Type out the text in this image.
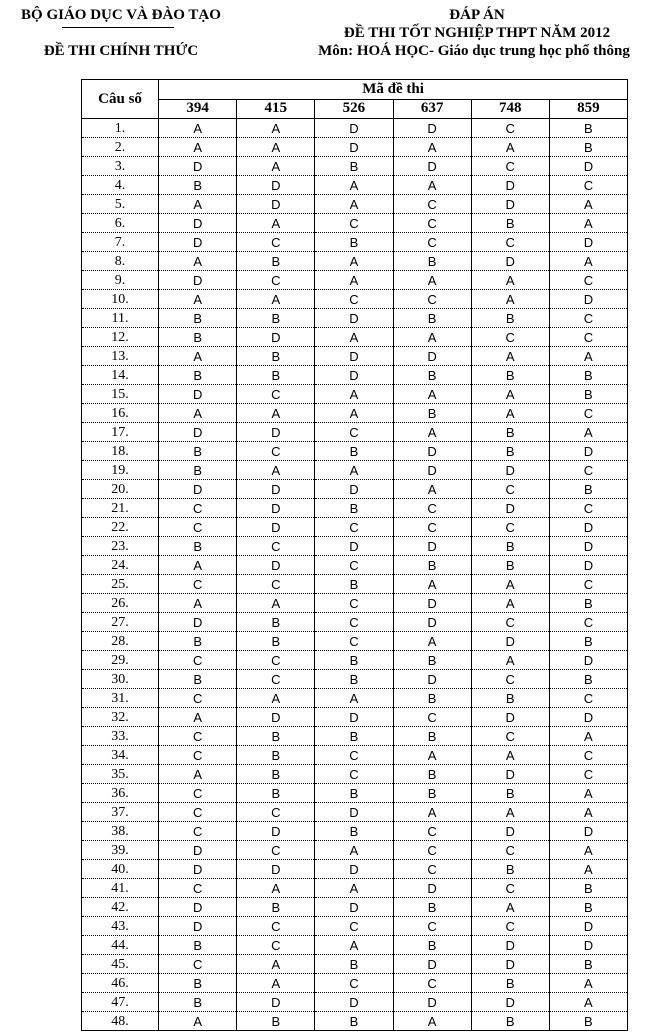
BỘ GIÁO DỤC VÀ ĐÀO TẠO
ĐỀ THI CHÍNH THỨC
ĐÁP ÁN
ĐỀ THI TỐT NGHIỆP THPT NĂM 2012
Môn: HOÁ HỌC- Giáo dục trung học phổ thông
Câu số	Mã đề thi					
	394	415	526	637	748	859
1.	A	A	D	D	C	B
2.	A	A	D	A	A	B
3.	D	A	B	D	C	D
4.	B	D	A	A	D	C
5.	A	D	A	C	D	A
6.	D	A	C	C	B	A
7.	D	C	B	C	C	D
8.	A	B	A	B	D	A
9.	D	C	A	A	A	C
10.	A	A	C	C	A	D
11.	B	B	D	B	B	C
12.	B	D	A	A	C	C
13.	A	B	D	D	A	A
14.	B	B	D	B	B	B
15.	D	C	A	A	A	B
16.	A	A	A	B	A	C
17.	D	D	C	A	B	A
18.	B	C	B	D	B	D
19.	B	A	A	D	D	C
20.	D	D	D	A	C	B
21.	C	D	B	C	D	C
22.	C	D	C	C	C	D
23.	B	C	D	D	B	D
24.	A	D	C	B	B	D
25.	C	C	B	A	A	C
26.	A	A	C	D	A	B
27.	D	B	C	D	C	C
28.	B	B	C	A	D	B
29.	C	C	B	B	A	D
30.	B	C	B	D	C	B
31.	C	A	A	B	B	C
32.	A	D	D	C	D	D
33.	C	B	B	B	C	A
34.	C	B	C	A	A	C
35.	A	B	C	B	D	C
36.	C	B	B	B	B	A
37.	C	C	D	A	A	A
38.	C	D	B	C	D	D
39.	D	C	A	C	C	A
40.	D	D	D	C	B	A
41.	C	A	A	D	C	B
42.	D	B	D	B	A	B
43.	D	C	C	C	C	D
44.	B	C	A	B	D	D
45.	C	A	B	D	D	B
46.	B	A	C	C	B	A
47.	B	D	D	D	D	A
48.	A	B	B	A	B	B
